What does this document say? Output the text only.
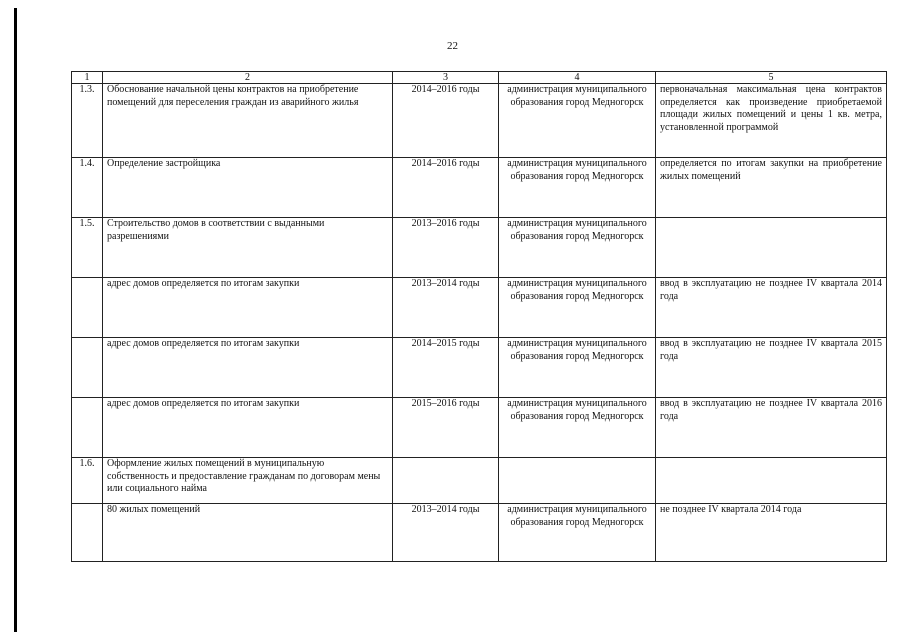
22
1	2	3	4	5
1.3.	Обоснование начальной цены контрактов на приобретение помещений для переселения граждан из аварийного жилья	2014–2016 годы	администрация муниципального образования город Медногорск	первоначальная максимальная цена контрактов определяется как произведение приобретаемой площади жилых помещений и цены 1 кв. метра, установленной программой
1.4.	Определение застройщика	2014–2016 годы	администрация муниципального образования город Медногорск	определяется по итогам закупки на приобретение жилых помещений
1.5.	Строительство домов в соответствии с выданными разрешениями	2013–2016 годы	администрация муниципального образования город Медногорск	
	адрес домов определяется по итогам закупки	2013–2014 годы	администрация муниципального образования город Медногорск	ввод в эксплуатацию не позднее IV квартала 2014 года
	адрес домов определяется по итогам закупки	2014–2015 годы	администрация муниципального образования город Медногорск	ввод в эксплуатацию не позднее IV квартала 2015 года
	адрес домов определяется по итогам закупки	2015–2016 годы	администрация муниципального образования город Медногорск	ввод в эксплуатацию не позднее IV квартала 2016 года
1.6.	Оформление жилых помещений в муниципальную собственность и предоставление гражданам по договорам мены или социального найма			
	80 жилых помещений	2013–2014 годы	администрация муниципального образования город Медногорск	не позднее IV квартала 2014 года
